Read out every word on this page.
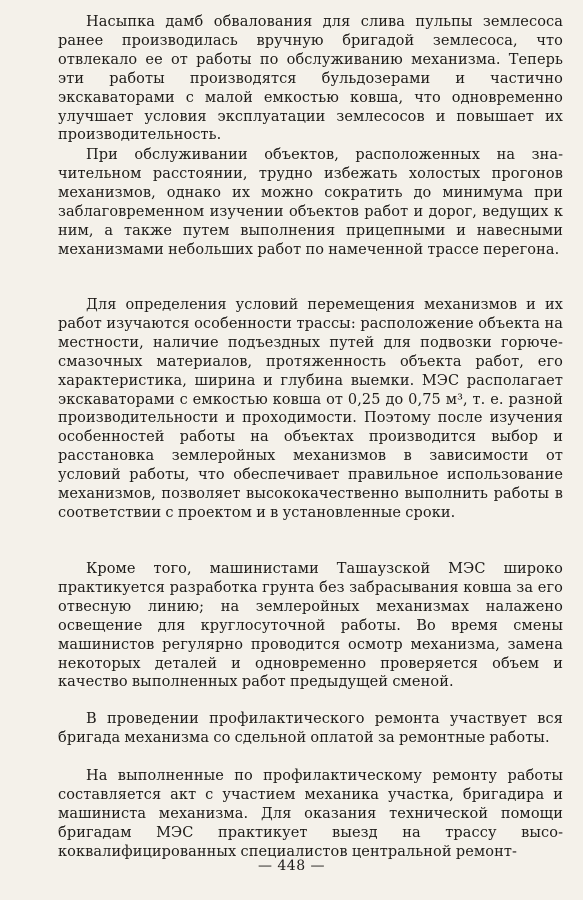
Насыпка дамб обвалования для слива пульпы землесоса ранее производилась вручную бригадой землесоса, что отвлекало ее от работы по обслуживанию механизма. Теперь эти работы производятся бульдозерами и частично экскаваторами с малой емкостью ковша, что одновременно улучшает условия эксплуатации землесосов и повышает их производительность.

При обслуживании объектов, расположенных на значительном расстоянии, трудно избежать холостых прогонов механизмов, однако их можно сократить до минимума при заблаговременном изучении объектов работ и дорог, ведущих к ним, а также путем выполнения прицепными и навесными механизмами небольших работ по намеченной трассе перегона.

Для определения условий перемещения механизмов и их работ изучаются особенности трассы: расположение объекта на местности, наличие подъездных путей для подвозки горюче-смазочных материалов, протяженность объекта работ, его характеристика, ширина и глубина выемки. МЭС располагает экскаваторами с емкостью ковша от 0,25 до 0,75 м³, т. е. разной производительности и проходимости. Поэтому после изучения особенностей работы на объектах производится выбор и расстановка землеройных механизмов в зависимости от условий работы, что обеспечивает правильное использование механизмов, позволяет высококачественно выполнить работы в соответствии с проектом и в установленные сроки.

Кроме того, машинистами Ташаузской МЭС широко практикуется разработка грунта без забрасывания ковша за его отвесную линию; на землеройных механизмах налажено освещение для круглосуточной работы. Во время смены машинистов регулярно проводится осмотр механизма, замена некоторых деталей и одновременно проверяется объем и качество выполненных работ предыдущей сменой.

В проведении профилактического ремонта участвует вся бригада механизма со сдельной оплатой за ремонтные работы.

На выполненные по профилактическому ремонту работы составляется акт с участием механика участка, бригадира и машиниста механизма. Для оказания технической помощи бригадам МЭС практикует выезд на трассу высококвалифицированных специалистов центральной ремонт-

— 448 —
